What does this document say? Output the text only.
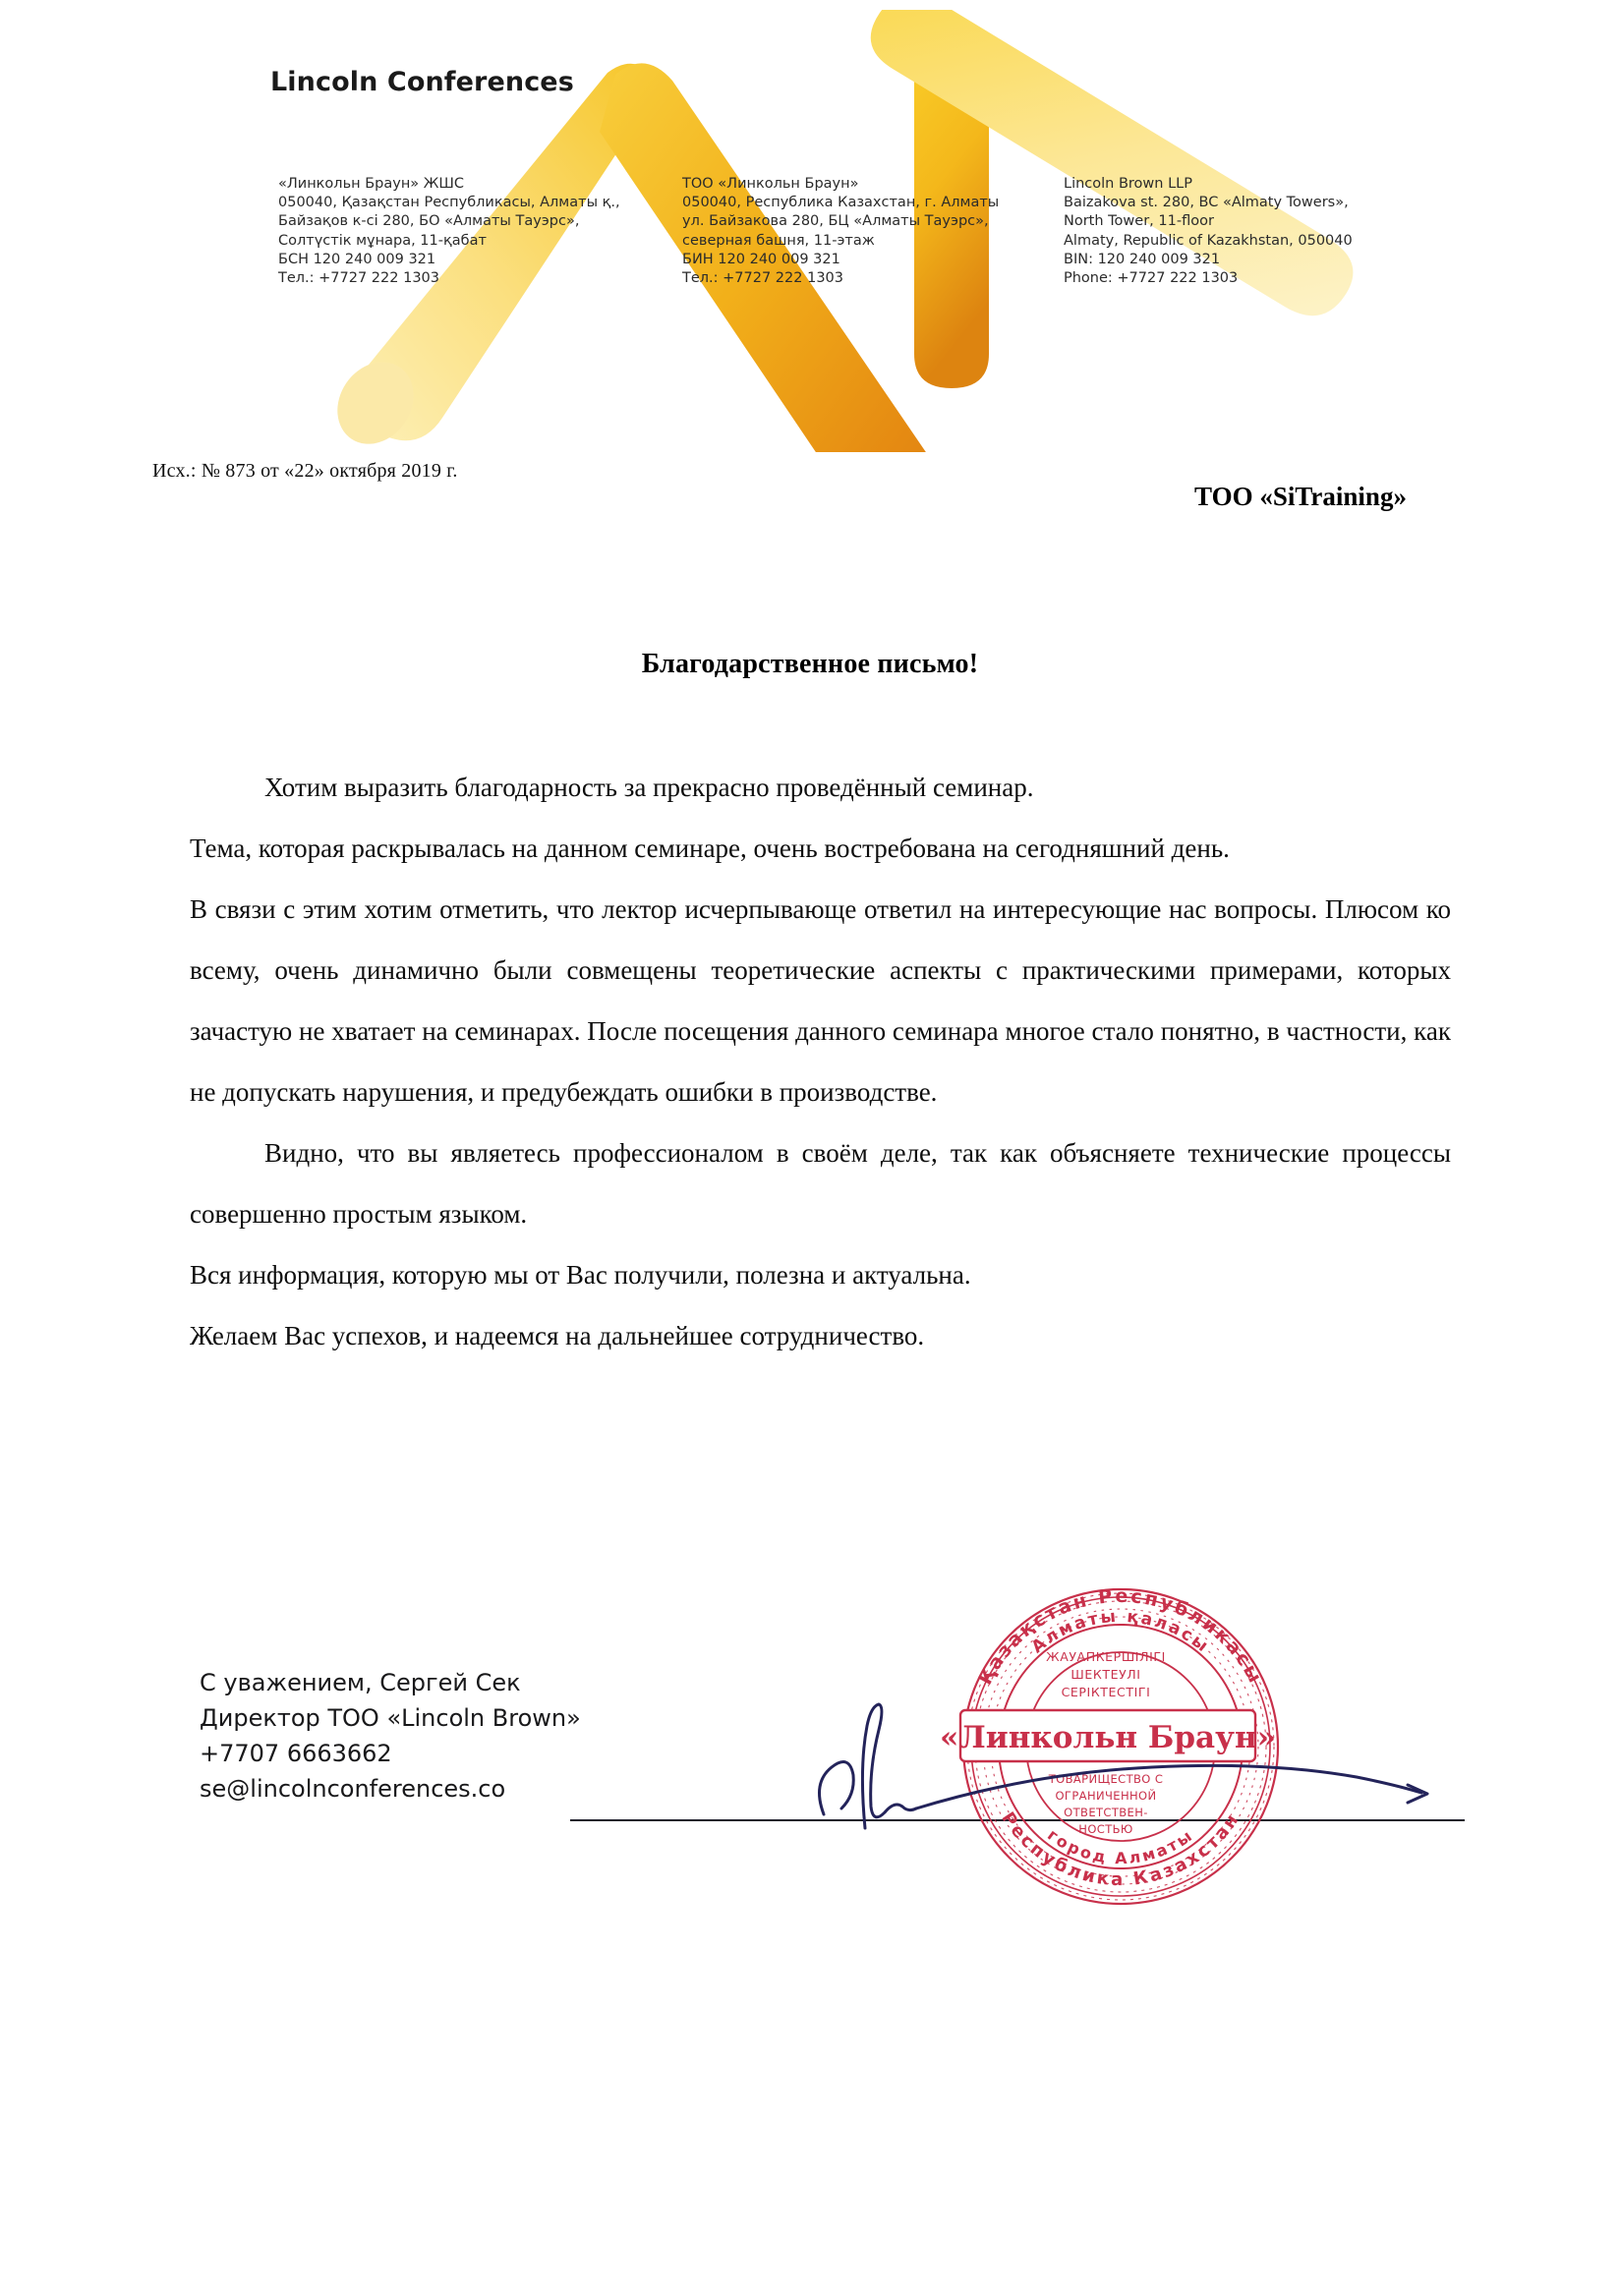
Lincoln Conferences
«Линкольн Браун» ЖШС
050040, Қазақстан Республикасы, Алматы қ.,
Байзақов к-сі 280, БО «Алматы Тауэрс»,
Солтүстік мұнара, 11-қабат
БСН 120 240 009 321
Тел.: +7727 222 1303
ТОО «Линкольн Браун»
050040, Республика Казахстан, г. Алматы
ул. Байзакова 280, БЦ «Алматы Тауэрс»,
северная башня, 11-этаж
БИН 120 240 009 321
Тел.: +7727 222 1303
Lincoln Brown LLP
Baizakova st. 280, BC «Almaty Towers»,
North Tower, 11-floor
Almaty, Republic of Kazakhstan, 050040
BIN: 120 240 009 321
Phone: +7727 222 1303
Исх.: № 873 от «22» октября 2019 г.
ТОО «SiTraining»
Благодарственное письмо!

Хотим выразить благодарность за прекрасно проведённый семинар.

Тема, которая раскрывалась на данном семинаре, очень востребована на сегодняшний день.

В связи с этим хотим отметить, что лектор исчерпывающе ответил на интересующие нас вопросы. Плюсом ко всему, очень динамично были совмещены теоретические аспекты с практическими примерами, которых зачастую не хватает на семинарах. После посещения данного семинара многое стало понятно, в частности, как не допускать нарушения, и предубеждать ошибки в производстве.

Видно, что вы являетесь профессионалом в своём деле, так как объясняете технические процессы совершенно простым языком.

Вся информация, которую мы от Вас получили, полезна и актуальна.

Желаем Вас успехов, и надеемся на дальнейшее сотрудничество.

С уважением, Сергей Сек
Директор ТОО «Lincoln Brown»
+7707 6663662
se@lincolnconferences.co
Қазақстан Республикасы
Алматы қаласы
город Алматы
Республика Казахстан
ЖАУАПКЕРШІЛІГІ
ШЕКТЕУЛІ
СЕРІКТЕСТІГІ
«Линкольн Браун»
ТОВАРИЩЕСТВО С
ОГРАНИЧЕННОЙ
ОТВЕТСТВЕН-
НОСТЬЮ
